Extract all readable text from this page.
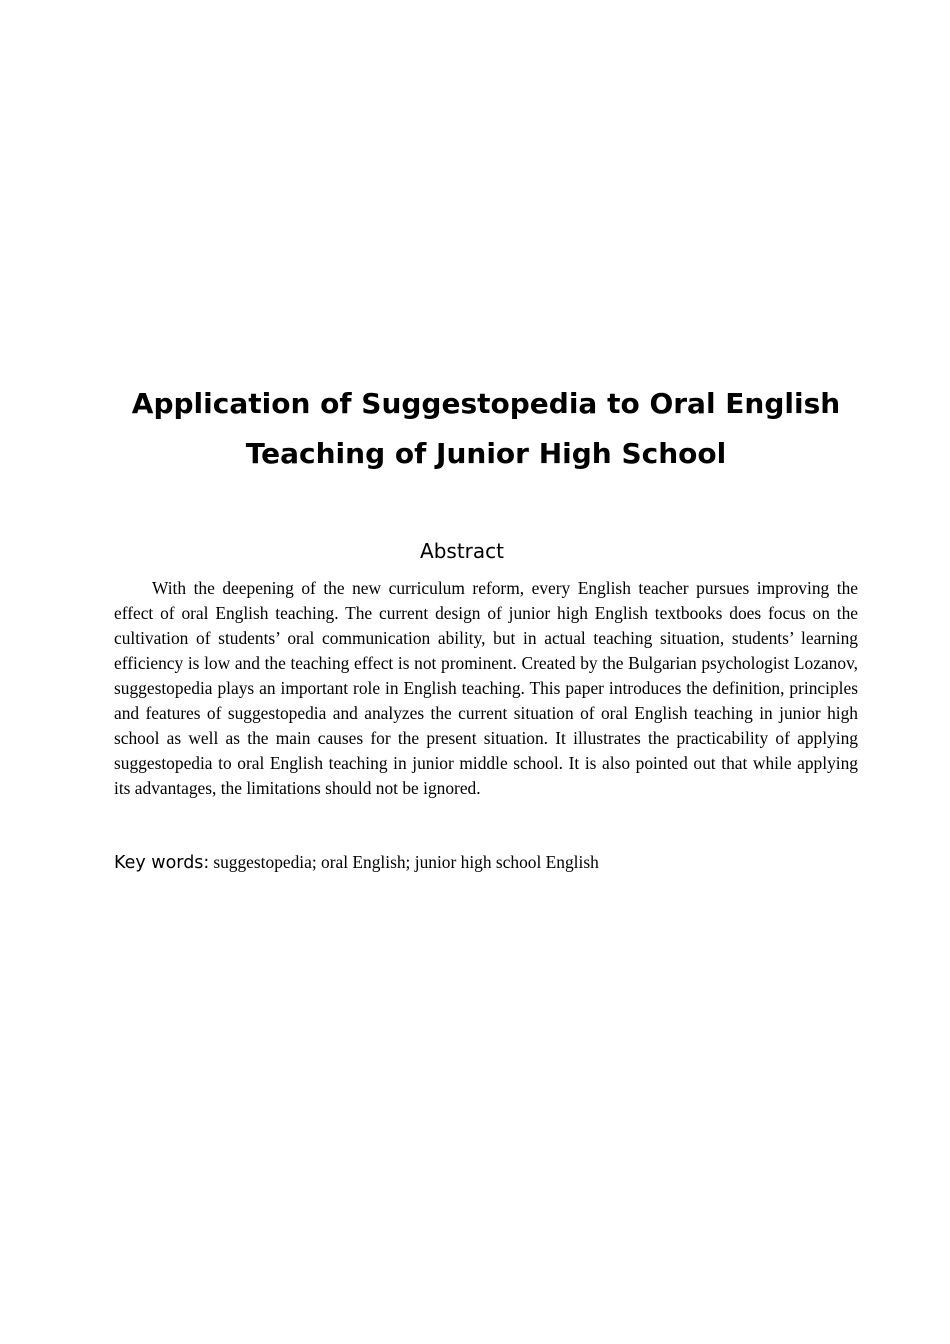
Application of Suggestopedia to Oral English
Teaching of Junior High School
Abstract

With the deepening of the new curriculum reform, every English teacher pursues improving the effect of oral English teaching. The current design of junior high English textbooks does focus on the cultivation of students’ oral communication ability, but in actual teaching situation, students’ learning efficiency is low and the teaching effect is not prominent. Created by the Bulgarian psychologist Lozanov, suggestopedia plays an important role in English teaching. This paper introduces the definition, principles and features of suggestopedia and analyzes the current situation of oral English teaching in junior high school as well as the main causes for the present situation. It illustrates the practicability of applying suggestopedia to oral English teaching in junior middle school. It is also pointed out that while applying its advantages, the limitations should not be ignored.

Key words: suggestopedia; oral English; junior high school English
